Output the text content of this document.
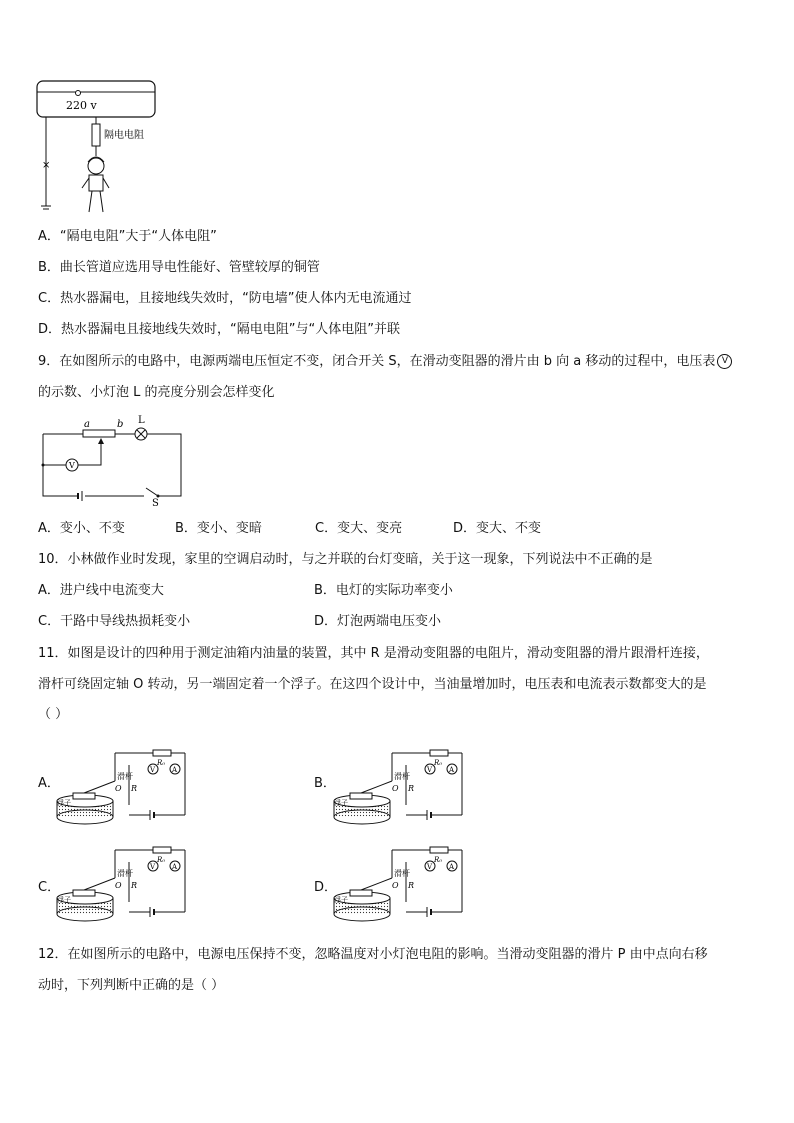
220 v
×
隔电电阻
A．“隔电电阻”大于“人体电阻”
B．曲长管道应选用导电性能好、管壁较厚的铜管
C．热水器漏电，且接地线失效时，“防电墙”使人体内无电流通过
D．热水器漏电且接地线失效时，“隔电电阻”与“人体电阻”并联
9．在如图所示的电路中，电源两端电压恒定不变，闭合开关 S，在滑动变阻器的滑片由 b 向 a 移动的过程中，电压表 V
的示数、小灯泡 L 的亮度分别会怎样变化
a	b L
V
S
A．变小、不变	B．变小、变暗	C．变大、变亮	D．变大、不变
10．小林做作业时发现，家里的空调启动时，与之并联的台灯变暗，关于这一现象，下列说法中不正确的是
A．进户线中电流变大	B．电灯的实际功率变小
C．干路中导线热损耗变小	D．灯泡两端电压变小
11．如图是设计的四种用于测定油箱内油量的装置，其中 R 是滑动变阻器的电阻片，滑动变阻器的滑片跟滑杆连接，
滑杆可绕固定轴 O 转动，另一端固定着一个浮子。在这四个设计中，当油量增加时，电压表和电流表示数都变大的是
（ ）
A．	B．
C．	D．
滑杆
R
O
浮子
R₀
V A
滑杆
R
O
浮子
R₀
V A
滑杆
R
O
浮子
R₀
V A
滑杆
R
O
浮子
R₀
V A
12．在如图所示的电路中，电源电压保持不变，忽略温度对小灯泡电阻的影响。当滑动变阻器的滑片 P 由中点向右移
动时，下列判断中正确的是（ ）
